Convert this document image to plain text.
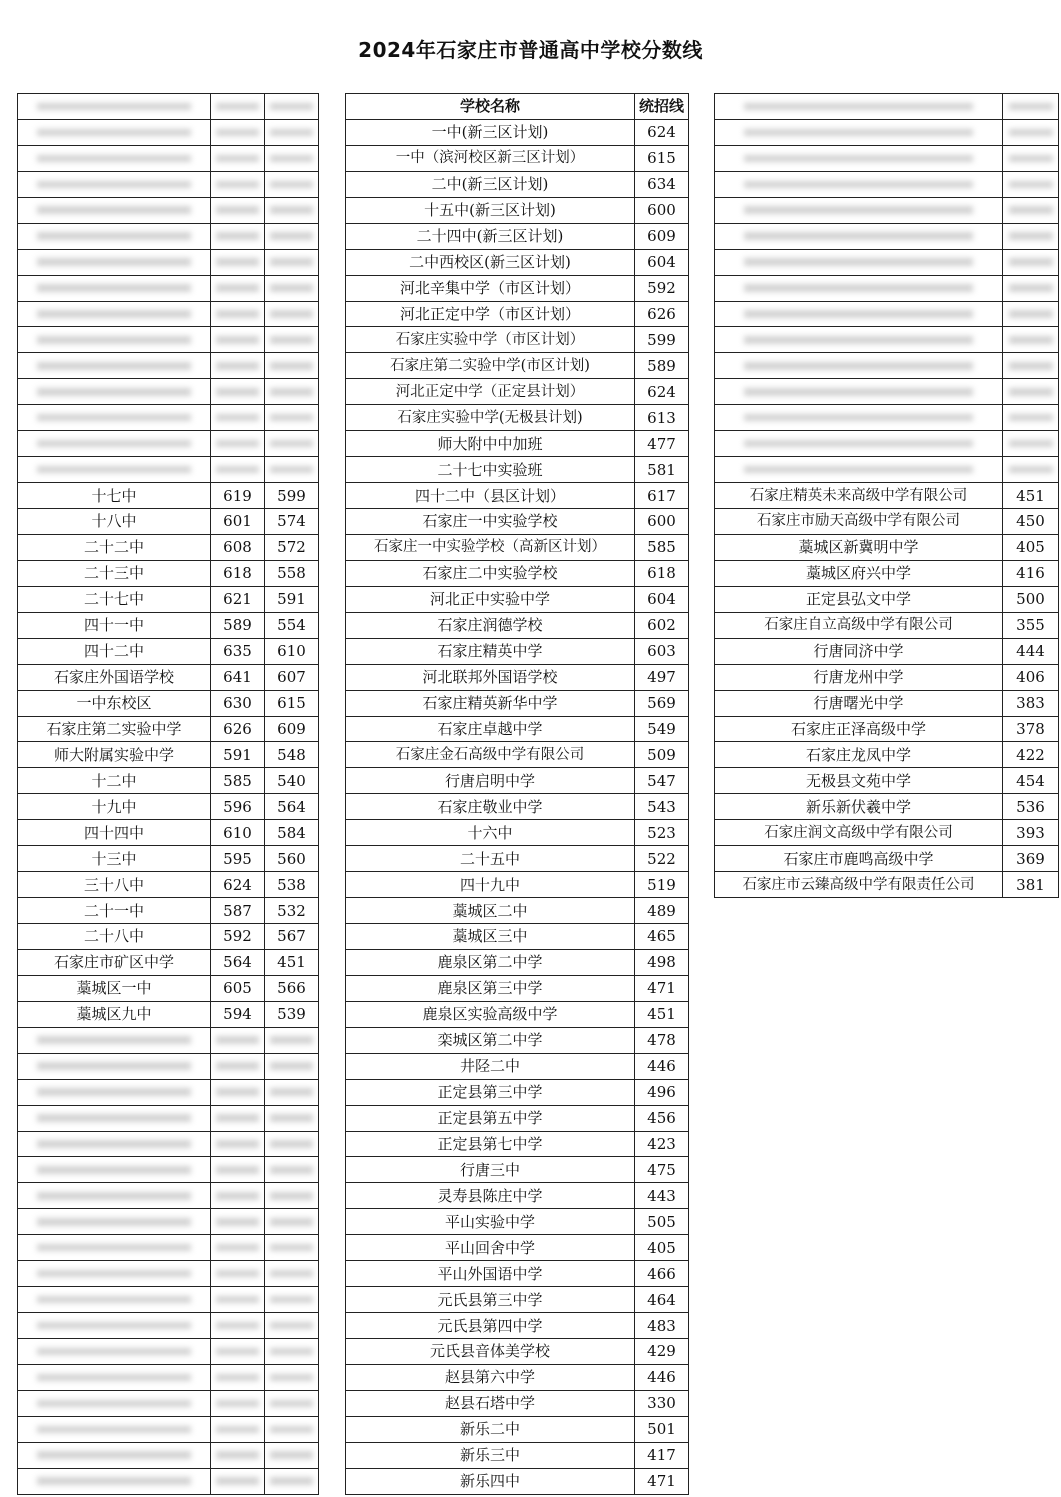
2024年石家庄市普通高中学校分数线

十七中	619	599
十八中	601	574
二十二中	608	572
二十三中	618	558
二十七中	621	591
四十一中	589	554
四十二中	635	610
石家庄外国语学校	641	607
一中东校区	630	615
石家庄第二实验中学	626	609
师大附属实验中学	591	548
十二中	585	540
十九中	596	564
四十四中	610	584
十三中	595	560
三十八中	624	538
二十一中	587	532
二十八中	592	567
石家庄市矿区中学	564	451
藁城区一中	605	566
藁城区九中	594	539

学校名称	统招线
一中(新三区计划)	624
一中（滨河校区新三区计划）	615
二中(新三区计划)	634
十五中(新三区计划)	600
二十四中(新三区计划)	609
二中西校区(新三区计划)	604
河北辛集中学（市区计划）	592
河北正定中学（市区计划）	626
石家庄实验中学（市区计划）	599
石家庄第二实验中学(市区计划)	589
河北正定中学（正定县计划）	624
石家庄实验中学(无极县计划)	613
师大附中中加班	477
二十七中实验班	581
四十二中（县区计划）	617
石家庄一中实验学校	600
石家庄一中实验学校（高新区计划）	585
石家庄二中实验学校	618
河北正中实验中学	604
石家庄润德学校	602
石家庄精英中学	603
河北联邦外国语学校	497
石家庄精英新华中学	569
石家庄卓越中学	549
石家庄金石高级中学有限公司	509
行唐启明中学	547
石家庄敬业中学	543
十六中	523
二十五中	522
四十九中	519
藁城区二中	489
藁城区三中	465
鹿泉区第二中学	498
鹿泉区第三中学	471
鹿泉区实验高级中学	451
栾城区第二中学	478
井陉二中	446
正定县第三中学	496
正定县第五中学	456
正定县第七中学	423
行唐三中	475
灵寿县陈庄中学	443
平山实验中学	505
平山回舍中学	405
平山外国语中学	466
元氏县第三中学	464
元氏县第四中学	483
元氏县音体美学校	429
赵县第六中学	446
赵县石塔中学	330
新乐二中	501
新乐三中	417
新乐四中	471

石家庄精英未来高级中学有限公司	451
石家庄市励天高级中学有限公司	450
藁城区新冀明中学	405
藁城区府兴中学	416
正定县弘文中学	500
石家庄自立高级中学有限公司	355
行唐同济中学	444
行唐龙州中学	406
行唐曙光中学	383
石家庄正泽高级中学	378
石家庄龙凤中学	422
无极县文苑中学	454
新乐新伏羲中学	536
石家庄润文高级中学有限公司	393
石家庄市鹿鸣高级中学	369
石家庄市云臻高级中学有限责任公司	381
